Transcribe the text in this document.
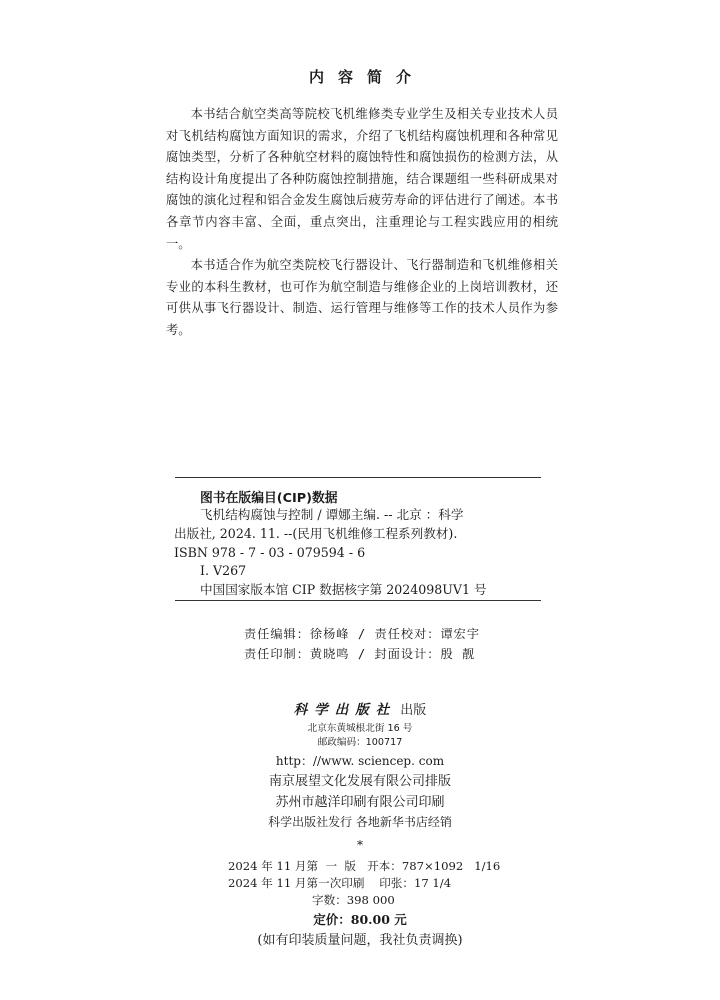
内容简介

本书结合航空类高等院校飞机维修类专业学生及相关专业技术人员对飞机结构腐蚀方面知识的需求，介绍了飞机结构腐蚀机理和各种常见腐蚀类型，分析了各种航空材料的腐蚀特性和腐蚀损伤的检测方法，从结构设计角度提出了各种防腐蚀控制措施，结合课题组一些科研成果对腐蚀的演化过程和铝合金发生腐蚀后疲劳寿命的评估进行了阐述。本书各章节内容丰富、全面，重点突出，注重理论与工程实践应用的相统一。

本书适合作为航空类院校飞行器设计、飞行器制造和飞机维修相关专业的本科生教材，也可作为航空制造与维修企业的上岗培训教材，还可供从事飞行器设计、制造、运行管理与维修等工作的技术人员作为参考。

图书在版编目(CIP)数据
飞机结构腐蚀与控制 / 谭娜主编. -- 北京 ：科学
出版社, 2024. 11. --(民用飞机维修工程系列教材).
ISBN 978 - 7 - 03 - 079594 - 6
Ⅰ. V267
中国国家版本馆 CIP 数据核字第 2024098UV1 号
责任编辑：徐杨峰 / 责任校对：谭宏宇
责任印制：黄晓鸣 / 封面设计：殷 靓
科学出版社 出版
北京东黄城根北街 16 号
邮政编码：100717
http：//www. sciencep. com
南京展望文化发展有限公司排版
苏州市越洋印刷有限公司印刷
科学出版社发行 各地新华书店经销
*
2024 年 11 月第  一  版   开本：787×1092   1/16
2024 年 11 月第一次印刷    印张：17 1/4
字数：398 000
定价：80.00 元
(如有印装质量问题，我社负责调换)
